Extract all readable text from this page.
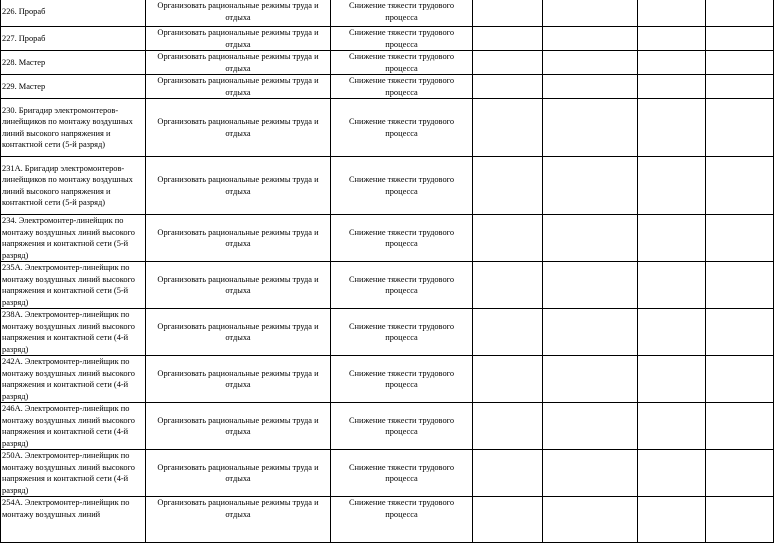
226. Прораб	Организовать рациональные режимы труда и отдыха	Снижение тяжести трудового процесса				

227. Прораб	Организовать рациональные режимы труда и отдыха	Снижение тяжести трудового процесса				

228. Мастер	Организовать рациональные режимы труда и отдыха	Снижение тяжести трудового процесса				

229. Мастер	Организовать рациональные режимы труда и отдыха	Снижение тяжести трудового процесса				

230. Бригадир электромонтеров-линейщиков по монтажу воздушных линий высокого напряжения и контактной сети (5-й разряд)	Организовать рациональные режимы труда и отдыха	Снижение тяжести трудового процесса				

231А. Бригадир электромонтеров-линейщиков по монтажу воздушных линий высокого напряжения и контактной сети (5-й разряд)	Организовать рациональные режимы труда и отдыха	Снижение тяжести трудового процесса				

234. Электромонтер-линейщик по монтажу воздушных линий высокого напряжения и контактной сети (5-й разряд)	Организовать рациональные режимы труда и отдыха	Снижение тяжести трудового процесса				

235А. Электромонтер-линейщик по монтажу воздушных линий высокого напряжения и контактной сети (5-й разряд)	Организовать рациональные режимы труда и отдыха	Снижение тяжести трудового процесса				

238А. Электромонтер-линейщик по монтажу воздушных линий высокого напряжения и контактной сети (4-й разряд)	Организовать рациональные режимы труда и отдыха	Снижение тяжести трудового процесса				

242А. Электромонтер-линейщик по монтажу воздушных линий высокого напряжения и контактной сети (4-й разряд)	Организовать рациональные режимы труда и отдыха	Снижение тяжести трудового процесса				

246А. Электромонтер-линейщик по монтажу воздушных линий высокого напряжения и контактной сети (4-й разряд)	Организовать рациональные режимы труда и отдыха	Снижение тяжести трудового процесса				

250А. Электромонтер-линейщик по монтажу воздушных линий высокого напряжения и контактной сети (4-й разряд)	Организовать рациональные режимы труда и отдыха	Снижение тяжести трудового процесса				

254А. Электромонтер-линейщик по монтажу воздушных линий	Организовать рациональные режимы труда и отдыха	Снижение тяжести трудового процесса				
